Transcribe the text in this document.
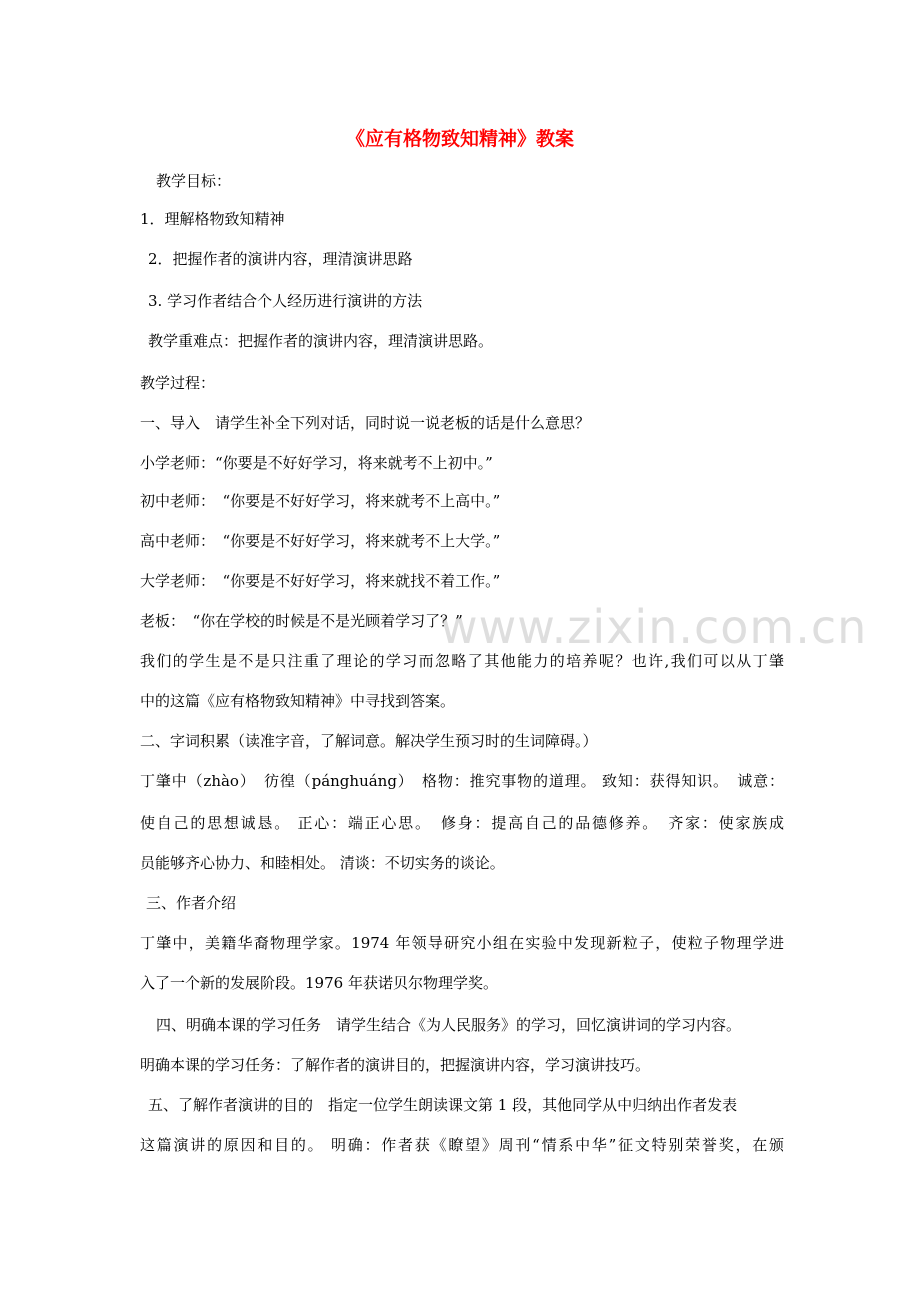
www.zixin.com.cn
《应有格物致知精神》教案
教学目标：
1．理解格物致知精神
2．把握作者的演讲内容，理清演讲思路
3. 学习作者结合个人经历进行演讲的方法
教学重难点：把握作者的演讲内容，理清演讲思路。
教学过程：
一、导入　请学生补全下列对话，同时说一说老板的话是什么意思？
小学老师：“你要是不好好学习，将来就考不上初中。”
初中老师：　“你要是不好好学习，将来就考不上高中。”
高中老师：　“你要是不好好学习，将来就考不上大学。”
大学老师：　“你要是不好好学习，将来就找不着工作。”
老板：　“你在学校的时候是不是光顾着学习了？”
我们的学生是不是只注重了理论的学习而忽略了其他能力的培养呢？也许,我们可以从丁肇
中的这篇《应有格物致知精神》中寻找到答案。
二、字词积累（读准字音，了解词意。解决学生预习时的生词障碍。）
丁肇中（zhào）　彷徨（pánghuáng）　格物：推究事物的道理。 致知：获得知识。　诚意：
使自己的思想诚恳。 正心：端正心思。　修身：提高自己的品德修养。　齐家：使家族成
员能够齐心协力、和睦相处。 清谈：不切实务的谈论。
三、作者介绍
丁肇中，美籍华裔物理学家。1974 年领导研究小组在实验中发现新粒子，使粒子物理学进
入了一个新的发展阶段。1976 年获诺贝尔物理学奖。
四、明确本课的学习任务　请学生结合《为人民服务》的学习，回忆演讲词的学习内容。
明确本课的学习任务：了解作者的演讲目的，把握演讲内容，学习演讲技巧。
五、了解作者演讲的目的　指定一位学生朗读课文第 1 段，其他同学从中归纳出作者发表
这篇演讲的原因和目的。 明确：作者获《瞭望》周刊“情系中华”征文特别荣誉奖，在颁
